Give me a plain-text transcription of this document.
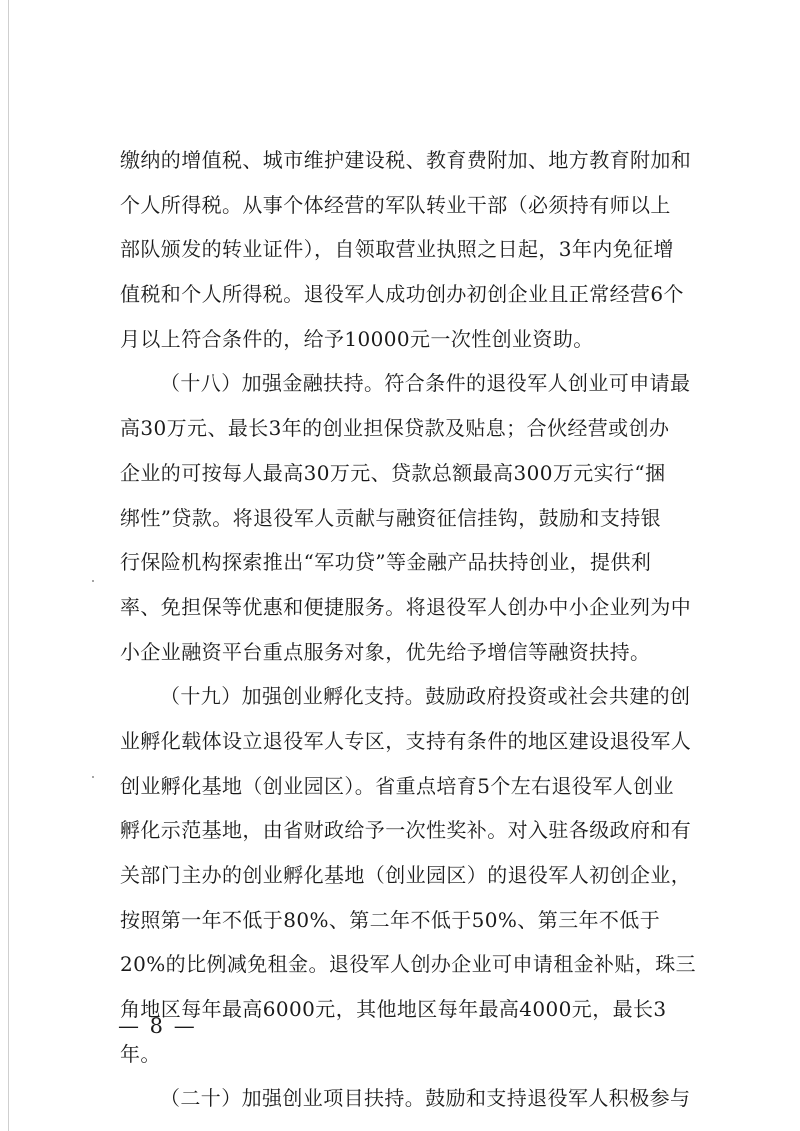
缴纳的增值税、城市维护建设税、教育费附加、地方教育附加和
个人所得税。从事个体经营的军队转业干部（必须持有师以上
部队颁发的转业证件），自领取营业执照之日起，3年内免征增
值税和个人所得税。退役军人成功创办初创企业且正常经营6个
月以上符合条件的，给予10000元一次性创业资助。
（十八）加强金融扶持。符合条件的退役军人创业可申请最
高30万元、最长3年的创业担保贷款及贴息；合伙经营或创办
企业的可按每人最高30万元、贷款总额最高300万元实行“捆
绑性”贷款。将退役军人贡献与融资征信挂钩，鼓励和支持银
行保险机构探索推出“军功贷”等金融产品扶持创业，提供利
率、免担保等优惠和便捷服务。将退役军人创办中小企业列为中
小企业融资平台重点服务对象，优先给予增信等融资扶持。
（十九）加强创业孵化支持。鼓励政府投资或社会共建的创
业孵化载体设立退役军人专区，支持有条件的地区建设退役军人
创业孵化基地（创业园区）。省重点培育5个左右退役军人创业
孵化示范基地，由省财政给予一次性奖补。对入驻各级政府和有
关部门主办的创业孵化基地（创业园区）的退役军人初创企业，
按照第一年不低于80%、第二年不低于50%、第三年不低于
20%的比例减免租金。退役军人创办企业可申请租金补贴，珠三
角地区每年最高6000元，其他地区每年最高4000元，最长3
年。
（二十）加强创业项目扶持。鼓励和支持退役军人积极参与
— 8 —
